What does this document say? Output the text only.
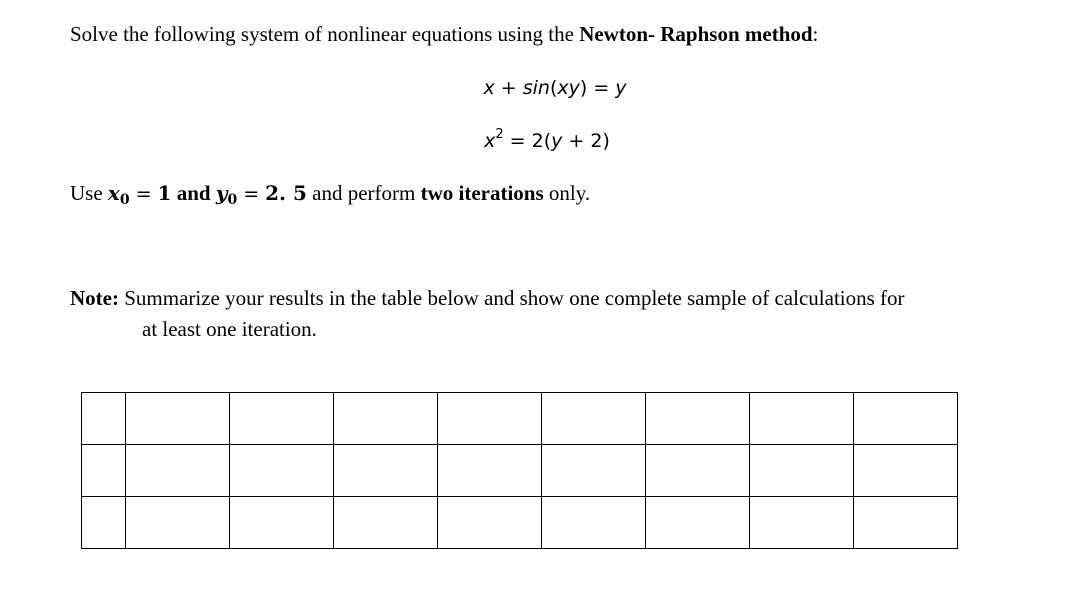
Solve the following system of nonlinear equations using the Newton- Raphson method:
x + sin(xy) = y
$x^2 = 2(y + 2)$
Use $x_0 = 1$ and $y_0 = 2$. 5 and perform two iterations only.
Note: Summarize your results in the table below and show one complete sample of calculations for
at least one iteration.
